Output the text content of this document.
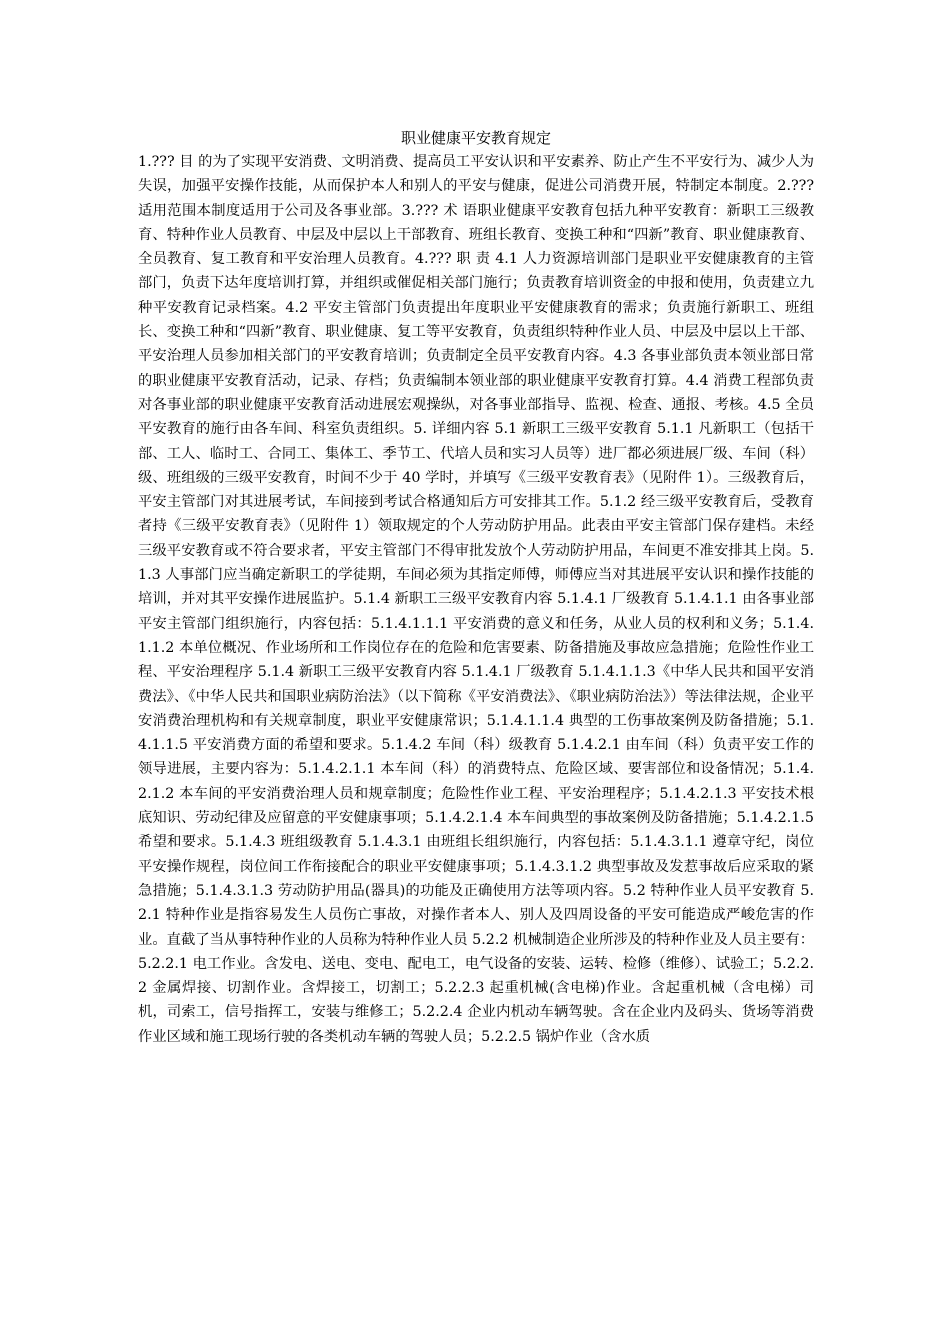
职业健康平安教育规定

1.??? 目 的为了实现平安消费、文明消费、提高员工平安认识和平安素养、防止产生不平安行为、减少人为失误，加强平安操作技能，从而保护本人和别人的平安与健康，促进公司消费开展，特制定本制度。2.??? 适用范围本制度适用于公司及各事业部。3.??? 术 语职业健康平安教育包括九种平安教育：新职工三级教育、特种作业人员教育、中层及中层以上干部教育、班组长教育、变换工种和“四新”教育、职业健康教育、全员教育、复工教育和平安治理人员教育。4.??? 职 责 4.1 人力资源培训部门是职业平安健康教育的主管部门，负责下达年度培训打算，并组织或催促相关部门施行；负责教育培训资金的申报和使用，负责建立九种平安教育记录档案。4.2 平安主管部门负责提出年度职业平安健康教育的需求；负责施行新职工、班组长、变换工种和“四新”教育、职业健康、复工等平安教育，负责组织特种作业人员、中层及中层以上干部、平安治理人员参加相关部门的平安教育培训；负责制定全员平安教育内容。4.3 各事业部负责本领业部日常的职业健康平安教育活动，记录、存档；负责编制本领业部的职业健康平安教育打算。4.4 消费工程部负责对各事业部的职业健康平安教育活动进展宏观操纵，对各事业部指导、监视、检查、通报、考核。4.5 全员平安教育的施行由各车间、科室负责组织。5. 详细内容 5.1 新职工三级平安教育 5.1.1 凡新职工（包括干部、工人、临时工、合同工、集体工、季节工、代培人员和实习人员等）进厂都必须进展厂级、车间（科）级、班组级的三级平安教育，时间不少于 40 学时，并填写《三级平安教育表》（见附件 1）。三级教育后，平安主管部门对其进展考试，车间接到考试合格通知后方可安排其工作。5.1.2 经三级平安教育后，受教育者持《三级平安教育表》（见附件 1）领取规定的个人劳动防护用品。此表由平安主管部门保存建档。未经三级平安教育或不符合要求者，平安主管部门不得审批发放个人劳动防护用品，车间更不准安排其上岗。5.1.3 人事部门应当确定新职工的学徒期，车间必须为其指定师傅，师傅应当对其进展平安认识和操作技能的培训，并对其平安操作进展监护。5.1.4 新职工三级平安教育内容 5.1.4.1 厂级教育 5.1.4.1.1 由各事业部平安主管部门组织施行，内容包括：5.1.4.1.1.1 平安消费的意义和任务，从业人员的权利和义务；5.1.4.1.1.2 本单位概况、作业场所和工作岗位存在的危险和危害要素、防备措施及事故应急措施；危险性作业工程、平安治理程序 5.1.4 新职工三级平安教育内容 5.1.4.1 厂级教育 5.1.4.1.1.3《中华人民共和国平安消费法》、《中华人民共和国职业病防治法》（以下简称《平安消费法》、《职业病防治法》）等法律法规，企业平安消费治理机构和有关规章制度，职业平安健康常识；5.1.4.1.1.4 典型的工伤事故案例及防备措施；5.1.4.1.1.5 平安消费方面的希望和要求。5.1.4.2 车间（科）级教育 5.1.4.2.1 由车间（科）负责平安工作的领导进展，主要内容为：5.1.4.2.1.1 本车间（科）的消费特点、危险区域、要害部位和设备情况；5.1.4.2.1.2 本车间的平安消费治理人员和规章制度；危险性作业工程、平安治理程序；5.1.4.2.1.3 平安技术根底知识、劳动纪律及应留意的平安健康事项；5.1.4.2.1.4 本车间典型的事故案例及防备措施；5.1.4.2.1.5 希望和要求。5.1.4.3 班组级教育 5.1.4.3.1 由班组长组织施行，内容包括：5.1.4.3.1.1 遵章守纪，岗位平安操作规程，岗位间工作衔接配合的职业平安健康事项；5.1.4.3.1.2 典型事故及发惹事故后应采取的紧急措施；5.1.4.3.1.3 劳动防护用品(器具)的功能及正确使用方法等项内容。5.2 特种作业人员平安教育 5.2.1 特种作业是指容易发生人员伤亡事故，对操作者本人、别人及四周设备的平安可能造成严峻危害的作业。直截了当从事特种作业的人员称为特种作业人员 5.2.2 机械制造企业所涉及的特种作业及人员主要有：5.2.2.1 电工作业。含发电、送电、变电、配电工，电气设备的安装、运转、检修（维修）、试验工；5.2.2.2 金属焊接、切割作业。含焊接工，切割工；5.2.2.3 起重机械(含电梯)作业。含起重机械（含电梯）司机，司索工，信号指挥工，安装与维修工；5.2.2.4 企业内机动车辆驾驶。含在企业内及码头、货场等消费作业区域和施工现场行驶的各类机动车辆的驾驶人员；5.2.2.5 锅炉作业（含水质
